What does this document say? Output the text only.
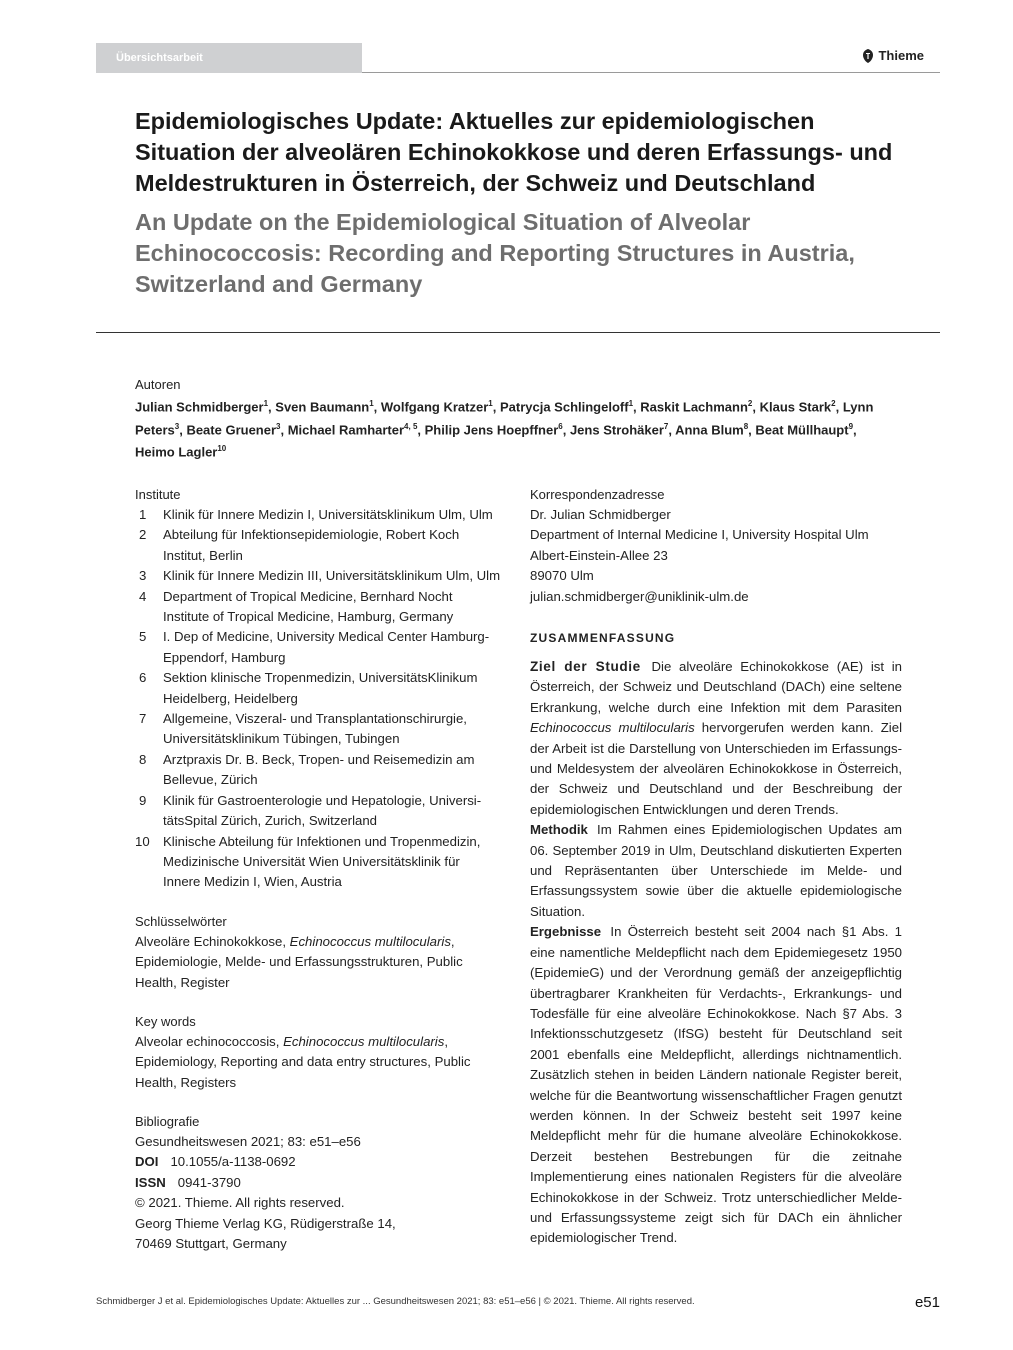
Übersichtsarbeit	Thieme
Epidemiologisches Update: Aktuelles zur epidemiologischen Situation der alveolären Echinokokkose und deren Erfassungs- und Meldestrukturen in Österreich, der Schweiz und Deutschland
An Update on the Epidemiological Situation of Alveolar Echinococcosis: Recording and Reporting Structures in Austria, Switzerland and Germany
Autoren
Julian Schmidberger$^1$, Sven Baumann$^1$, Wolfgang Kratzer$^1$, Patrycja Schlingeloff$^1$, Raskit Lachmann$^2$, Klaus Stark$^2$, Lynn Peters$^3$, Beate Gruener$^3$, Michael Ramharter$^{4, 5}$, Philip Jens Hoepffner$^6$, Jens Strohäker$^7$, Anna Blum$^8$, Beat Müllhaupt$^9$, Heimo Lagler$^{10}$
Institute
1 Klinik für Innere Medizin I, Universitätsklinikum Ulm, Ulm
2 Abteilung für Infektionsepidemiologie, Robert Koch
Institut, Berlin
3 Klinik für Innere Medizin III, Universitätsklinikum Ulm, Ulm
4 Department of Tropical Medicine, Bernhard Nocht
Institute of Tropical Medicine, Hamburg, Germany
5 I. Dep of Medicine, University Medical Center Hamburg-
Eppendorf, Hamburg
6 Sektion klinische Tropenmedizin, UniversitätsKlinikum
Heidelberg, Heidelberg
7 Allgemeine, Viszeral- und Transplantationschirurgie,
Universitätsklinikum Tübingen, Tubingen
8 Arztpraxis Dr. B. Beck, Tropen- und Reisemedizin am
Bellevue, Zürich
9 Klinik für Gastroenterologie und Hepatologie, Universi-
tätsSpital Zürich, Zurich, Switzerland
10 Klinische Abteilung für Infektionen und Tropenmedizin,
Medizinische Universität Wien Universitätsklinik für
Innere Medizin I, Wien, Austria
Schlüsselwörter
Alveoläre Echinokokkose, Echinococcus multilocularis,
Epidemiologie, Melde- und Erfassungsstrukturen, Public
Health, Register
Key words
Alveolar echinococcosis, Echinococcus multilocularis,
Epidemiology, Reporting and data entry structures, Public
Health, Registers
Bibliografie
Gesundheitswesen 2021; 83: e51–e56
DOI 10.1055/a-1138-0692
ISSN 0941-3790
© 2021. Thieme. All rights reserved.
Georg Thieme Verlag KG, Rüdigerstraße 14,
70469 Stuttgart, Germany
Korrespondenzadresse
Dr. Julian Schmidberger
Department of Internal Medicine I, University Hospital Ulm
Albert-Einstein-Allee 23
89070 Ulm
julian.schmidberger@uniklinik-ulm.de
ZUSAMMENFASSUNG
Ziel der Studie Die alveoläre Echinokokkose (AE) ist in Österreich, der Schweiz und Deutschland (DACh) eine seltene Erkrankung, welche durch eine Infektion mit dem Parasiten Echinococcus multilocularis hervorgerufen werden kann. Ziel der Arbeit ist die Darstellung von Unterschieden im Erfassungs- und Meldesystem der alveolären Echinokokkose in Österreich, der Schweiz und Deutschland und der Beschreibung der epidemiologischen Entwicklungen und deren Trends.
Methodik Im Rahmen eines Epidemiologischen Updates am 06. September 2019 in Ulm, Deutschland diskutierten Experten und Repräsentanten über Unterschiede im Melde- und Erfassungssystem sowie über die aktuelle epidemiologische Situation.
Ergebnisse In Österreich besteht seit 2004 nach §1 Abs. 1 eine namentliche Meldepflicht nach dem Epidemiegesetz 1950 (EpidemieG) und der Verordnung gemäß der anzeigepflichtig übertragbarer Krankheiten für Verdachts-, Erkrankungs- und Todesfälle für eine alveoläre Echinokokkose. Nach §7 Abs. 3 Infektionsschutzgesetz (IfSG) besteht für Deutschland seit 2001 ebenfalls eine Meldepflicht, allerdings nichtnamentlich. Zusätzlich stehen in beiden Ländern nationale Register bereit, welche für die Beantwortung wissenschaftlicher Fragen genutzt werden können. In der Schweiz besteht seit 1997 keine Meldepflicht mehr für die humane alveoläre Echinokokkose. Derzeit bestehen Bestrebungen für die zeitnahe Implementierung eines nationalen Registers für die alveoläre Echinokokkose in der Schweiz. Trotz unterschiedlicher Melde- und Erfassungssysteme zeigt sich für DACh ein ähnlicher epidemiologischer Trend.
Schmidberger J et al. Epidemiologisches Update: Aktuelles zur ... Gesundheitswesen 2021; 83: e51–e56 | © 2021. Thieme. All rights reserved.	e51
